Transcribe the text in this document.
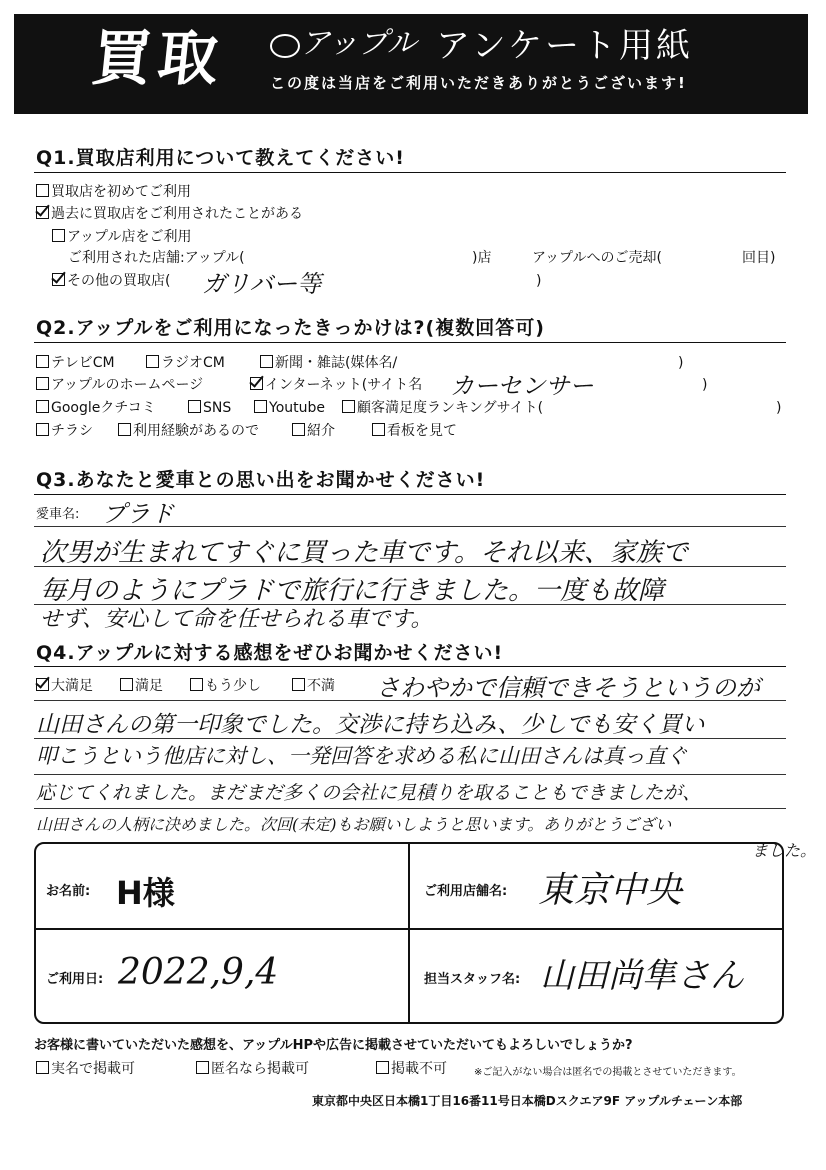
買取 アップル アンケート用紙
この度は当店をご利用いただきありがとうございます!
Q1.買取店利用について教えてください!
買取店を初めてご利用
過去に買取店をご利用されたことがある
アップル店をご利用
ご利用された店舗:アップル(	)店	アップルへのご売却(	回目)
その他の買取店( ガリバー等	)
Q2.アップルをご利用になったきっかけは?(複数回答可)
テレビCM	ラジオCM	新聞・雑誌(媒体名/	)
アップルのホームページ	インターネット(サイト名 カーセンサー	)
Googleクチコミ	SNS	Youtube	顧客満足度ランキングサイト(	)
チラシ	利用経験があるので	紹介	看板を見て
Q3.あなたと愛車との思い出をお聞かせください!
愛車名: プラド
次男が生まれてすぐに買った車です。それ以来、家族で
毎月のようにプラドで旅行に行きました。一度も故障
せず、安心して命を任せられる車です。
Q4.アップルに対する感想をぜひお聞かせください!
大満足	満足	もう少し	不満 さわやかで信頼できそうというのが
山田さんの第一印象でした。交渉に持ち込み、少しでも安く買い
叩こうという他店に対し、一発回答を求める私に山田さんは真っ直ぐ
応じてくれました。まだまだ多くの会社に見積りを取ることもできましたが、
山田さんの人柄に決めました。次回(未定)もお願いしようと思います。ありがとうござい
ました。
お名前: H様	ご利用店舗名: 東京中央
ご利用日: 2022,9,4	担当スタッフ名: 山田尚隼さん
お客様に書いていただいた感想を、アップルHPや広告に掲載させていただいてもよろしいでしょうか?
実名で掲載可	匿名なら掲載可	掲載不可	※ご記入がない場合は匿名での掲載とさせていただきます。
東京都中央区日本橋1丁目16番11号日本橋Dスクエア9F アップルチェーン本部
